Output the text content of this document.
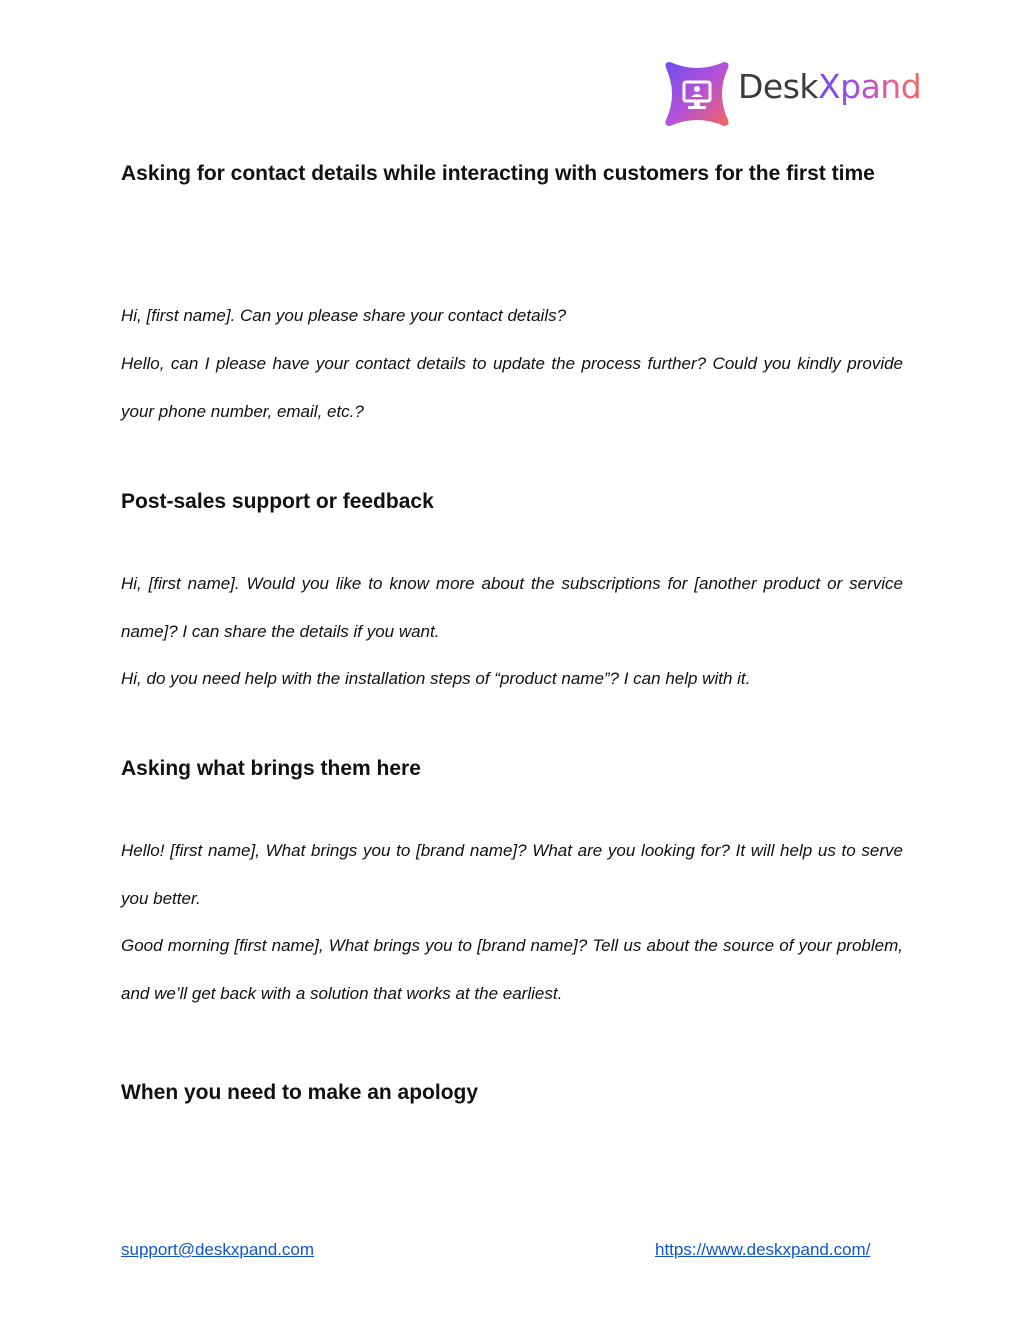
DeskXpand
Asking for contact details while interacting with customers for the first time

Hi, [first name]. Can you please share your contact details?

Hello, can I please have your contact details to update the process further? Could you kindly provide your phone number, email, etc.?

Post-sales support or feedback

Hi, [first name]. Would you like to know more about the subscriptions for [another product or service name]? I can share the details if you want.

Hi, do you need help with the installation steps of “product name”? I can help with it.

Asking what brings them here

Hello! [first name], What brings you to [brand name]? What are you looking for? It will help us to serve you better.

Good morning [first name], What brings you to [brand name]? Tell us about the source of your problem, and we’ll get back with a solution that works at the earliest.

When you need to make an apology
support@deskxpand.com	https://www.deskxpand.com/
